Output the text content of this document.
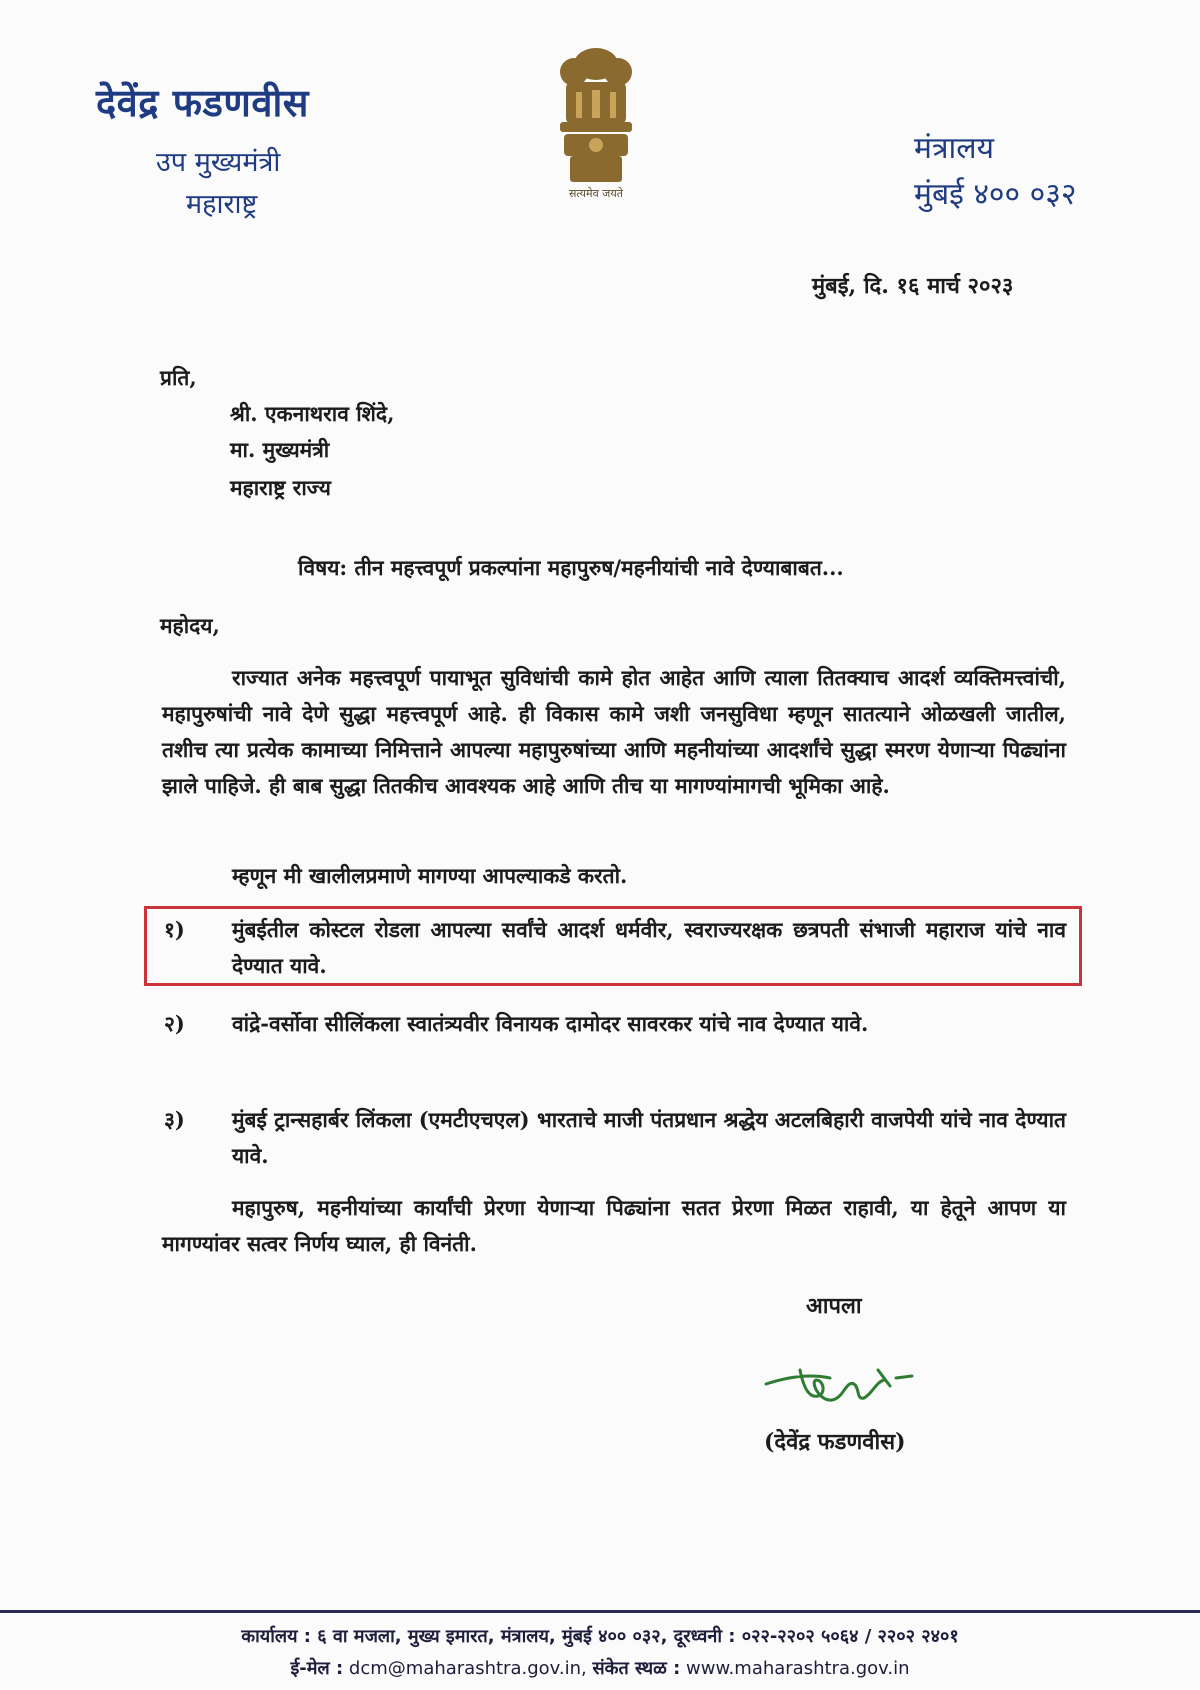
देवेंद्र फडणवीस
उप मुख्यमंत्री
महाराष्ट्र	सत्यमेव जयते
मंत्रालय
मुंबई ४०० ०३२
मुंबई, दि. १६ मार्च २०२३
प्रति,
श्री. एकनाथराव शिंदे,
मा. मुख्यमंत्री
महाराष्ट्र राज्य
विषय: तीन महत्त्वपूर्ण प्रकल्पांना महापुरुष/महनीयांची नावे देण्याबाबत...
महोदय,

राज्यात अनेक महत्त्वपूर्ण पायाभूत सुविधांची कामे होत आहेत आणि त्याला तितक्याच आदर्श व्यक्तिमत्त्वांची, महापुरुषांची नावे देणे सुद्धा महत्त्वपूर्ण आहे. ही विकास कामे जशी जनसुविधा म्हणून सातत्याने ओळखली जातील, तशीच त्या प्रत्येक कामाच्या निमित्ताने आपल्या महापुरुषांच्या आणि महनीयांच्या आदर्शांचे सुद्धा स्मरण येणाऱ्या पिढ्यांना झाले पाहिजे. ही बाब सुद्धा तितकीच आवश्यक आहे आणि तीच या मागण्यांमागची भूमिका आहे.

म्हणून मी खालीलप्रमाणे मागण्या आपल्याकडे करतो.

१) मुंबईतील कोस्टल रोडला आपल्या सर्वांचे आदर्श धर्मवीर, स्वराज्यरक्षक छत्रपती संभाजी महाराज यांचे नाव देण्यात यावे.
२) वांद्रे-वर्सोवा सीलिंकला स्वातंत्र्यवीर विनायक दामोदर सावरकर यांचे नाव देण्यात यावे.
३) मुंबई ट्रान्सहार्बर लिंकला (एमटीएचएल) भारताचे माजी पंतप्रधान श्रद्धेय अटलबिहारी वाजपेयी यांचे नाव देण्यात यावे.

महापुरुष, महनीयांच्या कार्यांची प्रेरणा येणाऱ्या पिढ्यांना सतत प्रेरणा मिळत राहावी, या हेतूने आपण या मागण्यांवर सत्वर निर्णय घ्याल, ही विनंती.

आपला
(देवेंद्र फडणवीस)
कार्यालय : ६ वा मजला, मुख्य इमारत, मंत्रालय, मुंबई ४०० ०३२, दूरध्वनी : ०२२-२२०२ ५०६४ / २२०२ २४०१
ई-मेल : dcm@maharashtra.gov.in, संकेत स्थळ : www.maharashtra.gov.in
